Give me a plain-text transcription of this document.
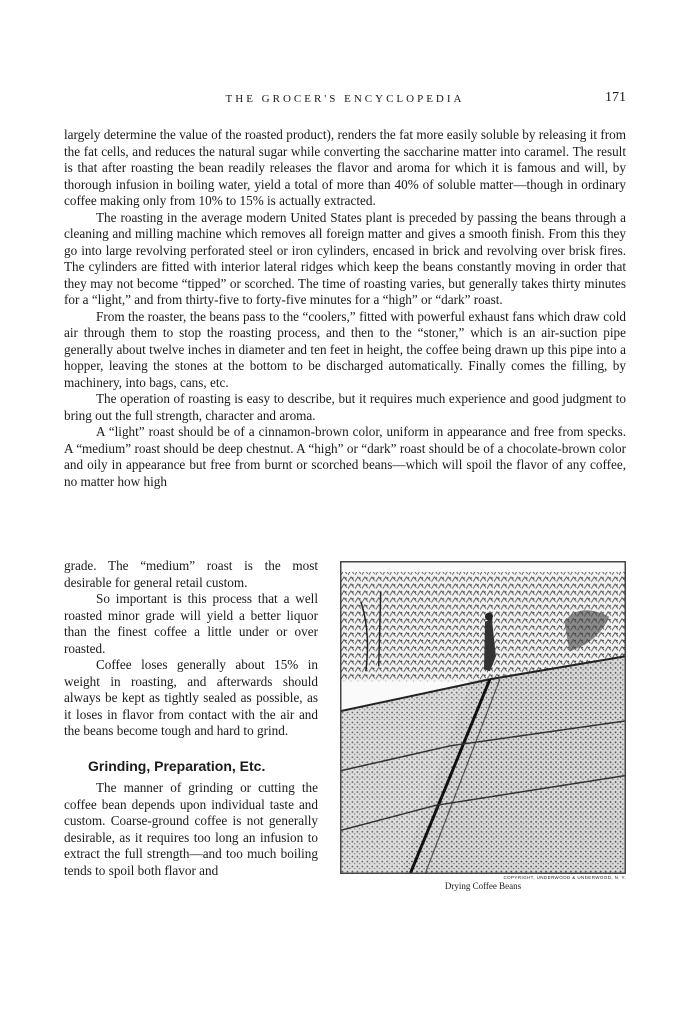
THE GROCER'S ENCYCLOPEDIA	171

largely determine the value of the roasted product), renders the fat more easily soluble by releasing it from the fat cells, and reduces the natural sugar while converting the saccharine matter into caramel. The result is that after roasting the bean readily releases the flavor and aroma for which it is famous and will, by thorough infusion in boiling water, yield a total of more than 40% of soluble matter—though in ordinary coffee making only from 10% to 15% is actually extracted.

The roasting in the average modern United States plant is preceded by passing the beans through a cleaning and milling machine which removes all foreign matter and gives a smooth finish. From this they go into large revolving perforated steel or iron cylinders, encased in brick and revolving over brisk fires. The cylinders are fitted with interior lateral ridges which keep the beans constantly moving in order that they may not become “tipped” or scorched. The time of roasting varies, but generally takes thirty minutes for a “light,” and from thirty-five to forty-five minutes for a “high” or “dark” roast.

From the roaster, the beans pass to the “coolers,” fitted with powerful exhaust fans which draw cold air through them to stop the roasting process, and then to the “stoner,” which is an air-suction pipe generally about twelve inches in diameter and ten feet in height, the coffee being drawn up this pipe into a hopper, leaving the stones at the bottom to be discharged automatically. Finally comes the filling, by machinery, into bags, cans, etc.

The operation of roasting is easy to describe, but it requires much experience and good judgment to bring out the full strength, character and aroma.

A “light” roast should be of a cinnamon-brown color, uniform in appearance and free from specks. A “medium” roast should be deep chestnut. A “high” or “dark” roast should be of a chocolate-brown color and oily in appearance but free from burnt or scorched beans—which will spoil the flavor of any coffee, no matter how high

grade. The “medium” roast is the most desirable for general retail custom.

So important is this process that a well roasted minor grade will yield a better liquor than the finest coffee a little under or over roasted.

Coffee loses generally about 15% in weight in roasting, and afterwards should always be kept as tightly sealed as possible, as it loses in flavor from contact with the air and the beans become tough and hard to grind.

Grinding, Preparation, Etc.

The manner of grinding or cutting the coffee bean depends upon individual taste and custom. Coarse-ground coffee is not generally desirable, as it requires too long an infusion to extract the full strength—and too much boiling tends to spoil both flavor and	COPYRIGHT, UNDERWOOD & UNDERWOOD, N. Y.
Drying Coffee Beans
